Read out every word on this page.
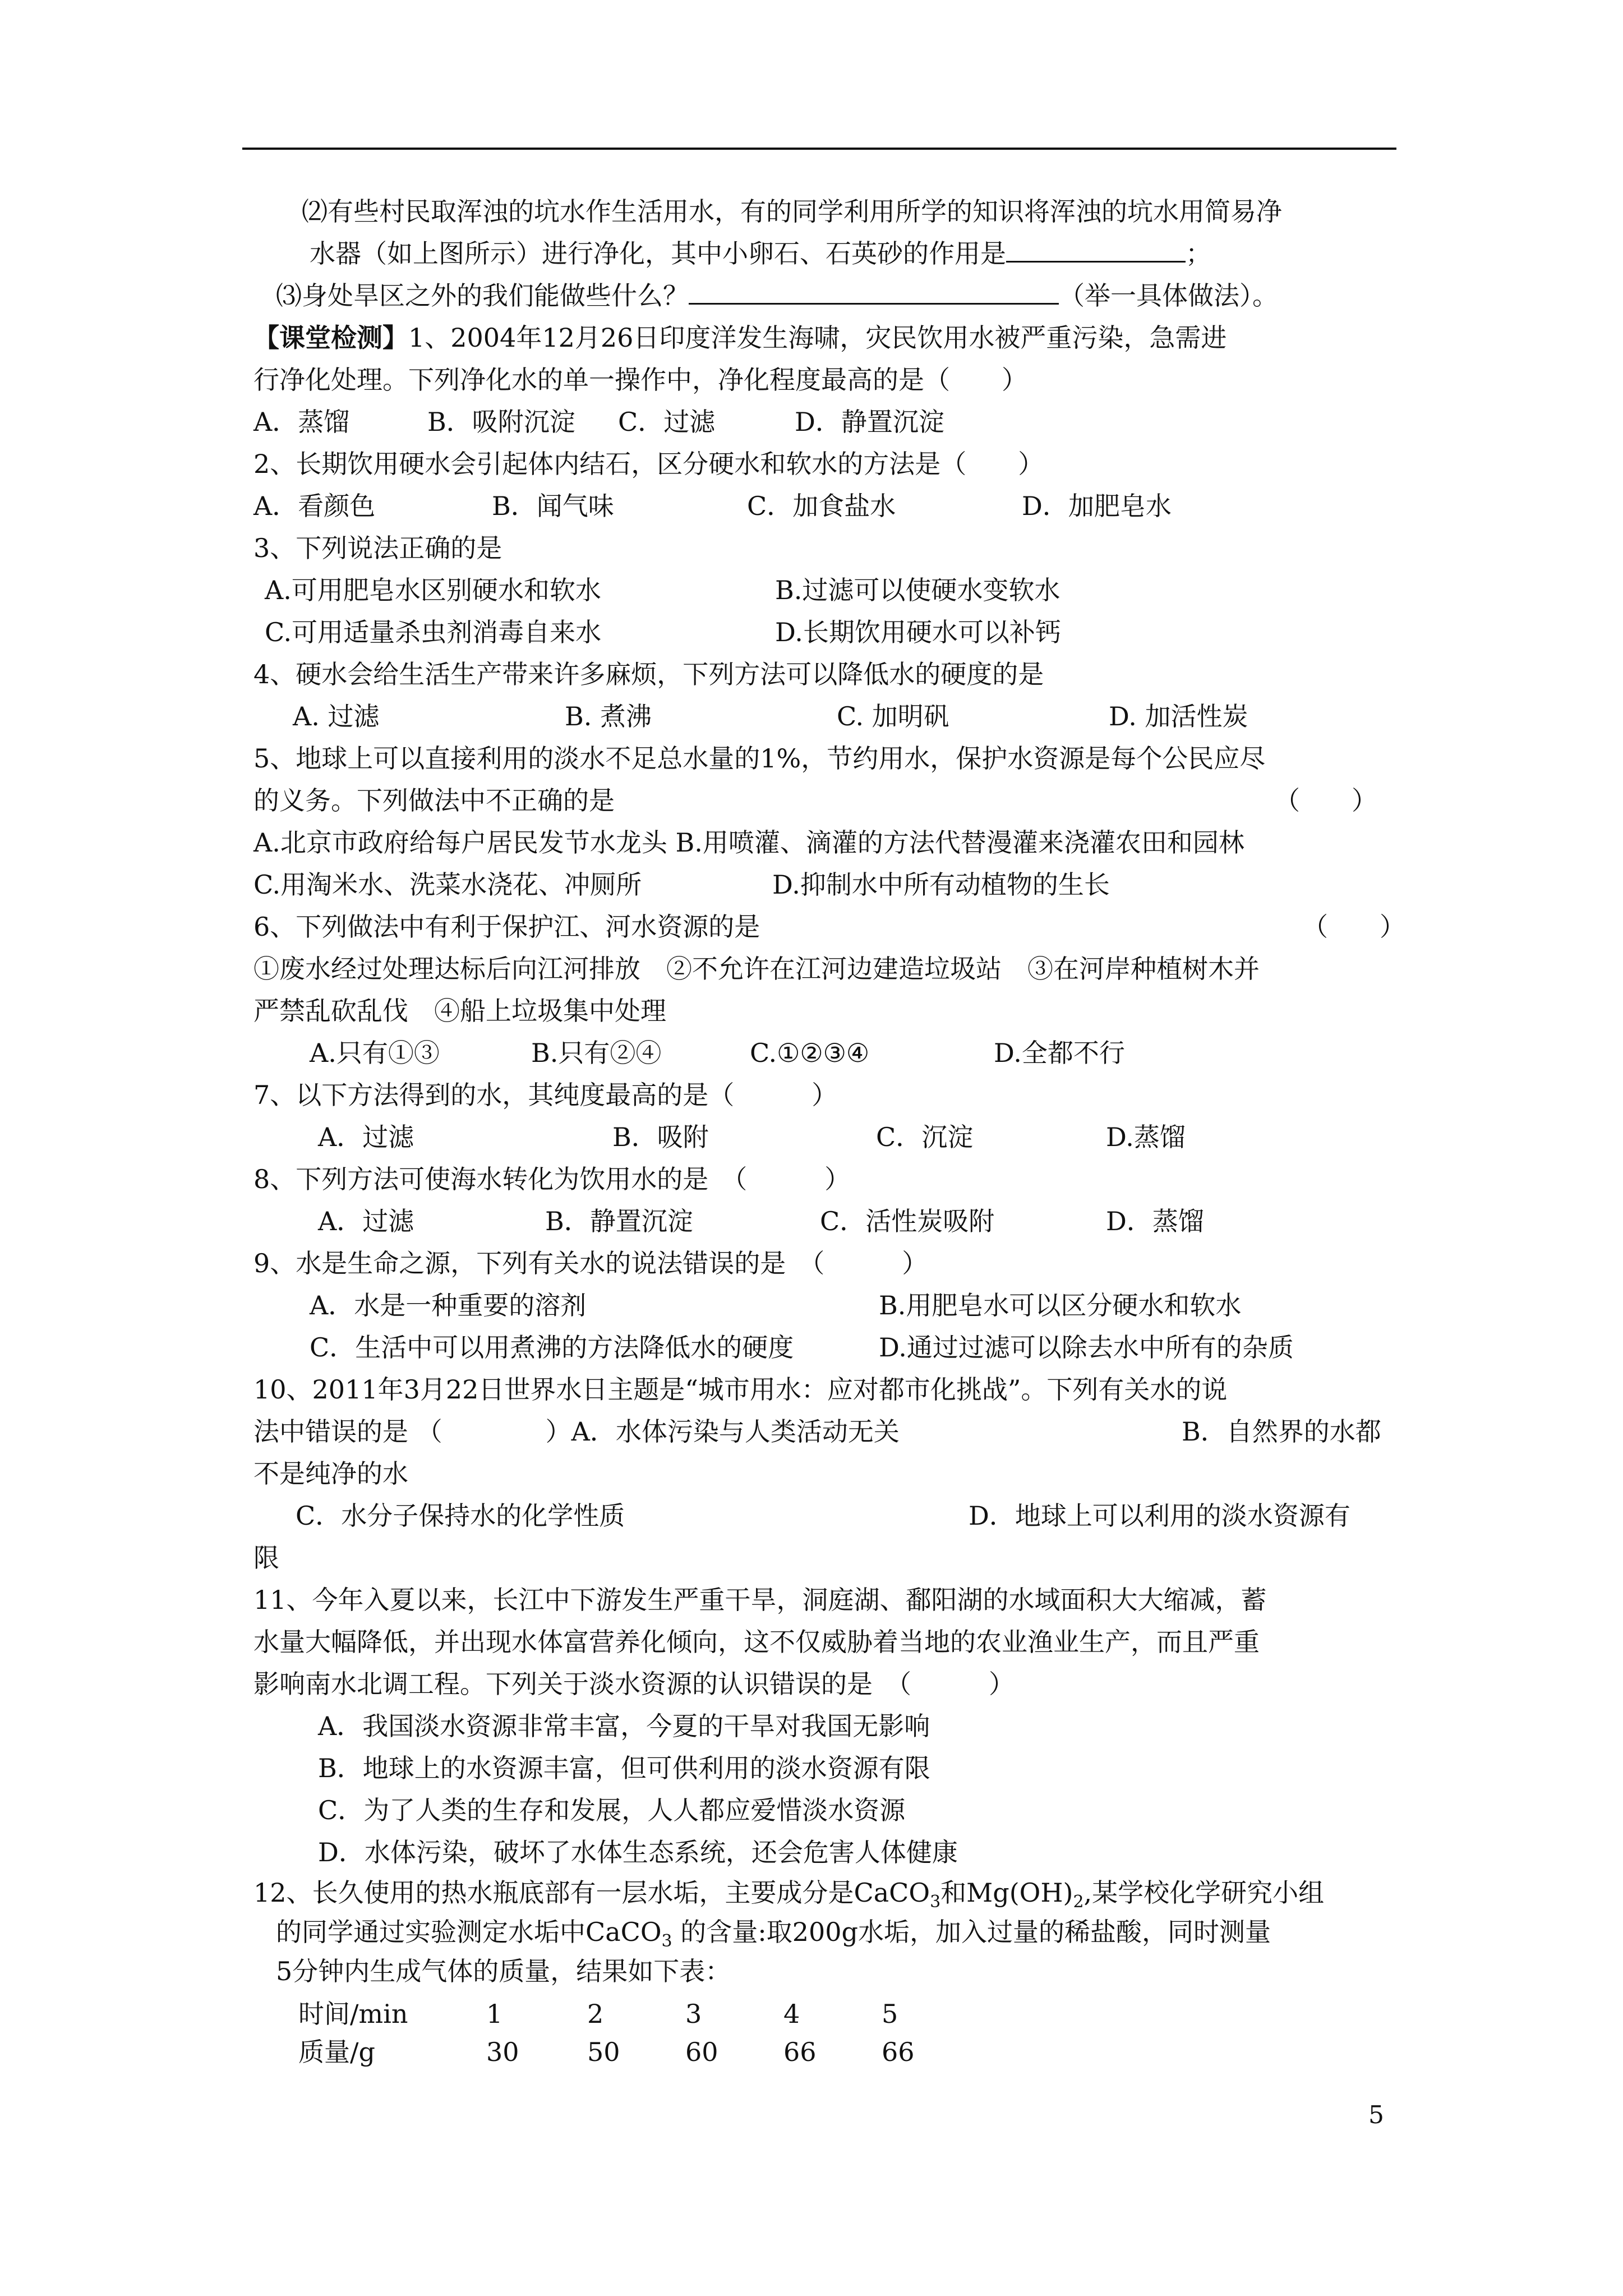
⑵有些村民取浑浊的坑水作生活用水，有的同学利用所学的知识将浑浊的坑水用简易净
水器（如上图所示）进行净化，其中小卵石、石英砂的作用是	；
⑶身处旱区之外的我们能做些什么？	（举一具体做法）。
【课堂检测】1、2004年12月26日印度洋发生海啸，灾民饮用水被严重污染，急需进
行净化处理。下列净化水的单一操作中，净化程度最高的是（　　）
A．蒸馏	B．吸附沉淀 C．过滤	D．静置沉淀
2、长期饮用硬水会引起体内结石，区分硬水和软水的方法是（　　）
A．看颜色	B．闻气味	C．加食盐水	D．加肥皂水
3、下列说法正确的是
A.可用肥皂水区别硬水和软水	B.过滤可以使硬水变软水
C.可用适量杀虫剂消毒自来水	D.长期饮用硬水可以补钙
4、硬水会给生活生产带来许多麻烦，下列方法可以降低水的硬度的是
A. 过滤	B. 煮沸	C. 加明矾	D. 加活性炭
5、地球上可以直接利用的淡水不足总水量的1%，节约用水，保护水资源是每个公民应尽
的义务。下列做法中不正确的是	（　　）
A.北京市政府给每户居民发节水龙头 B.用喷灌、滴灌的方法代替漫灌来浇灌农田和园林
C.用淘米水、洗菜水浇花、冲厕所	D.抑制水中所有动植物的生长
6、下列做法中有利于保护江、河水资源的是	（　　）
①废水经过处理达标后向江河排放　②不允许在江河边建造垃圾站　③在河岸种植树木并
严禁乱砍乱伐　④船上垃圾集中处理
A.只有①③	B.只有②④	C.①②③④	D.全都不行
7、以下方法得到的水，其纯度最高的是（　　　）
A．过滤	B．吸附	C．沉淀	D.蒸馏
8、下列方法可使海水转化为饮用水的是　（　　　）
A．过滤	B．静置沉淀	C．活性炭吸附	D．蒸馏
9、水是生命之源，下列有关水的说法错误的是　（　　　）
A．水是一种重要的溶剂	B.用肥皂水可以区分硬水和软水
C．生活中可以用煮沸的方法降低水的硬度	D.通过过滤可以除去水中所有的杂质
10、2011年3月22日世界水日主题是“城市用水：应对都市化挑战”。下列有关水的说
法中错误的是 （　　　　）A．水体污染与人类活动无关	B．自然界的水都
不是纯净的水
C．水分子保持水的化学性质	D．地球上可以利用的淡水资源有
限
11、今年入夏以来，长江中下游发生严重干旱，洞庭湖、鄱阳湖的水域面积大大缩减，蓄
水量大幅降低，并出现水体富营养化倾向，这不仅威胁着当地的农业渔业生产，而且严重
影响南水北调工程。下列关于淡水资源的认识错误的是　（　　　）
A．我国淡水资源非常丰富，今夏的干旱对我国无影响
B．地球上的水资源丰富，但可供利用的淡水资源有限
C．为了人类的生存和发展，人人都应爱惜淡水资源
D．水体污染，破坏了水体生态系统，还会危害人体健康
12、长久使用的热水瓶底部有一层水垢，主要成分是CaCO$_3$和$Mg(OH)_2$,某学校化学研究小组
的同学通过实验测定水垢中CaCO$_3$ 的含量:取200g水垢，加入过量的稀盐酸，同时测量
5分钟内生成气体的质量，结果如下表：
时间/min	1	2	3	4	5
质量/g	30	50	60	66	66
5
